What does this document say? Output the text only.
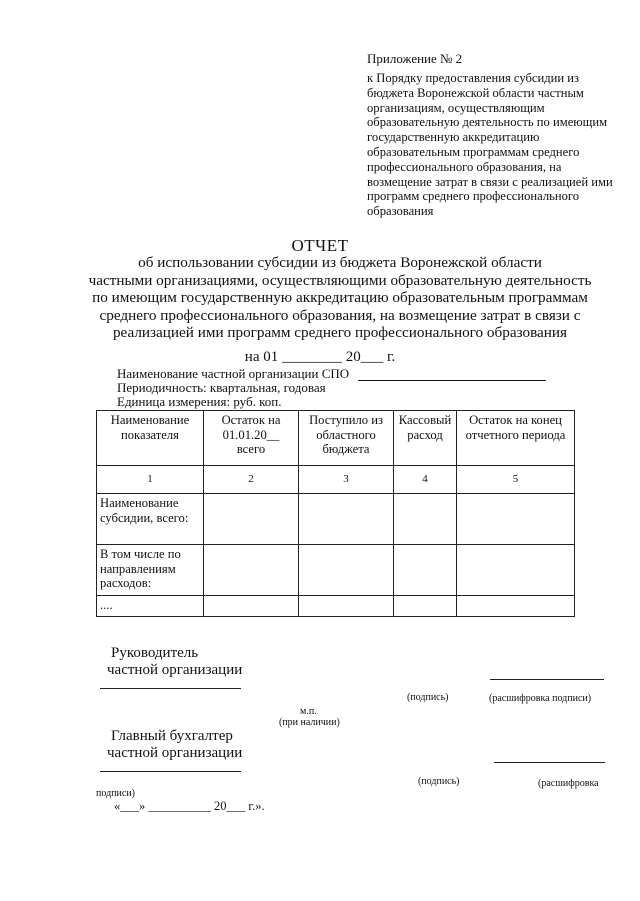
Приложение № 2
к Порядку предоставления субсидии из бюджета Воронежской области частным организациям, осуществляющим образовательную деятельность по имеющим государственную аккредитацию образовательным программам среднего профессионального образования, на возмещение затрат в связи с реализацией ими программ среднего профессионального образования
ОТЧЕТ
об использовании субсидии из бюджета Воронежской области
частными организациями, осуществляющими образовательную деятельность
по имеющим государственную аккредитацию образовательным программам
среднего профессионального образования, на возмещение затрат в связи с
реализацией ими программ среднего профессионального образования
на 01 ________ 20___ г.
Наименование частной организации СПО
Периодичность: квартальная, годовая
Единица измерения: руб. коп.
Наименование показателя	Остаток на 01.01.20__ всего	Поступило из областного бюджета	Кассовый расход	Остаток на конец отчетного периода
1	2	3	4	5
Наименование субсидии, всего:				
В том числе по направлениям расходов:				
....				
Руководитель
частной организации
(подпись)	(расшифровка подписи)
м.п.
(при наличии)
Главный бухгалтер
частной организации
(подпись)	(расшифровка
подписи)
«___» __________ 20___ г.».
